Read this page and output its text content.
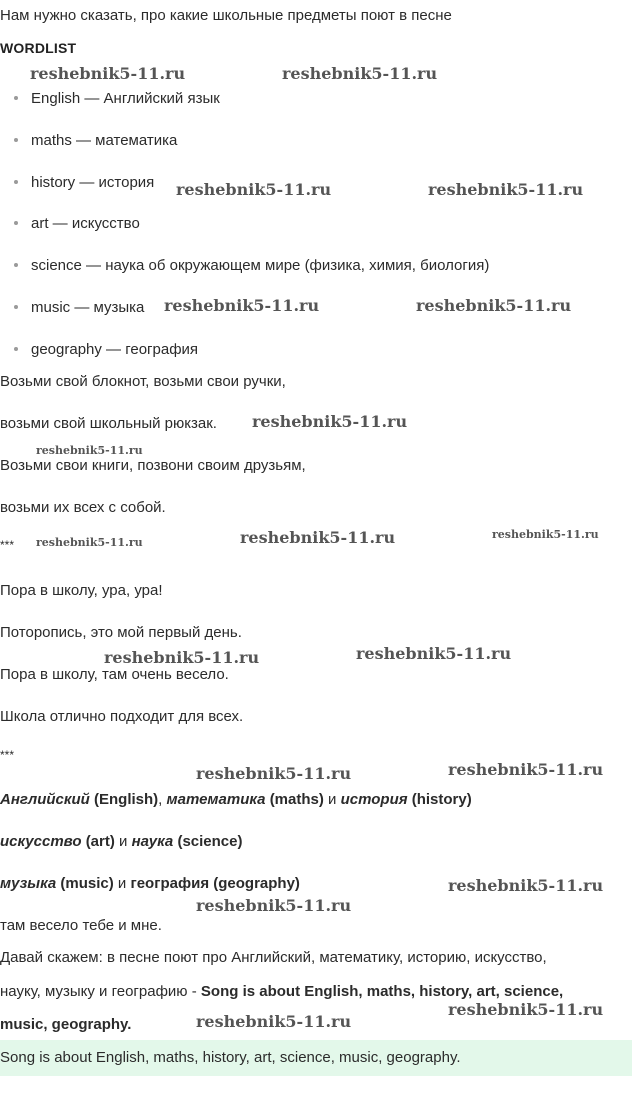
Нам нужно сказать, про какие школьные предметы поют в песне
WORDLIST
English — Английский язык
maths — математика
history — история
art — искусство
science — наука об окружающем мире (физика, химия, биология)
music — музыка
geography — география
Возьми свой блокнот, возьми свои ручки,
возьми свой школьный рюкзак.
Возьми свои книги, позвони своим друзьям,
возьми их всех с собой.
***
Пора в школу, ура, ура!
Поторопись, это мой первый день.
Пора в школу, там очень весело.
Школа отлично подходит для всех.
***
Английский (English), математика (maths) и история (history)
искусство (art) и наука (science)
музыка (music) и география (geography)
там весело тебе и мне.
Давай скажем: в песне поют про Английский, математику, историю, искусство,
науку, музыку и географию - Song is about English, maths, history, art, science,
music, geography.
Song is about English, maths, history, art, science, music, geography.
reshebnik5-11.ru	reshebnik5-11.ru
reshebnik5-11.ru	reshebnik5-11.ru
reshebnik5-11.ru	reshebnik5-11.ru
reshebnik5-11.ru
reshebnik5-11.ru
reshebnik5-11.ru	reshebnik5-11.ru	reshebnik5-11.ru
reshebnik5-11.ru	reshebnik5-11.ru
reshebnik5-11.ru	reshebnik5-11.ru
reshebnik5-11.ru
reshebnik5-11.ru
reshebnik5-11.ru
reshebnik5-11.ru
